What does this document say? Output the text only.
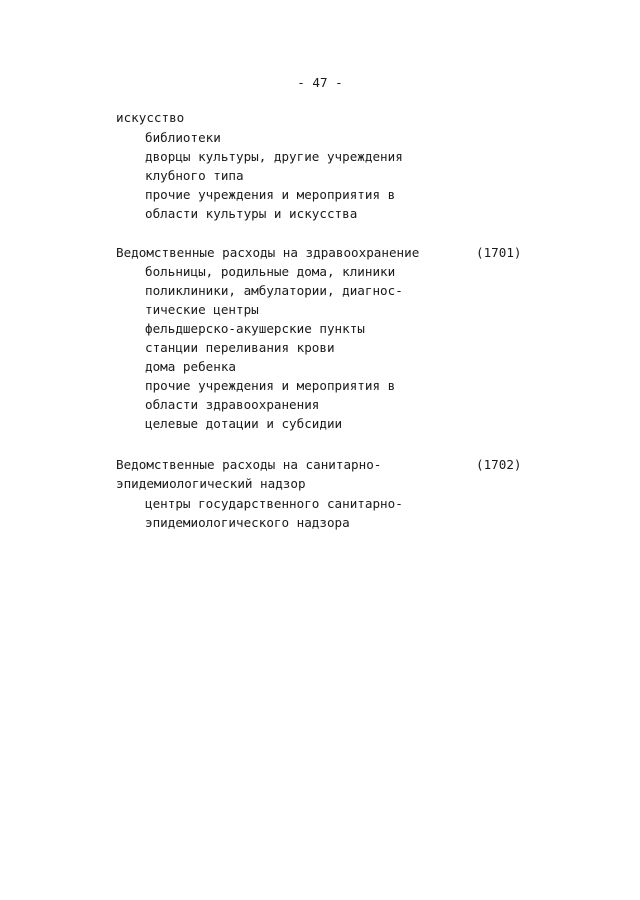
- 47 -
искусство
библиотеки
дворцы культуры, другие учреждения
клубного типа
прочие учреждения и мероприятия в
области культуры и искусства
Ведомственные расходы на здравоохранение	(1701)
больницы, родильные дома, клиники
поликлиники, амбулатории, диагнос-
тические центры
фельдшерско-акушерские пункты
станции переливания крови
дома ребенка
прочие учреждения и мероприятия в
области здравоохранения
целевые дотации и субсидии
Ведомственные расходы на санитарно-	(1702)
эпидемиологический надзор
центры государственного санитарно-
эпидемиологического надзора
